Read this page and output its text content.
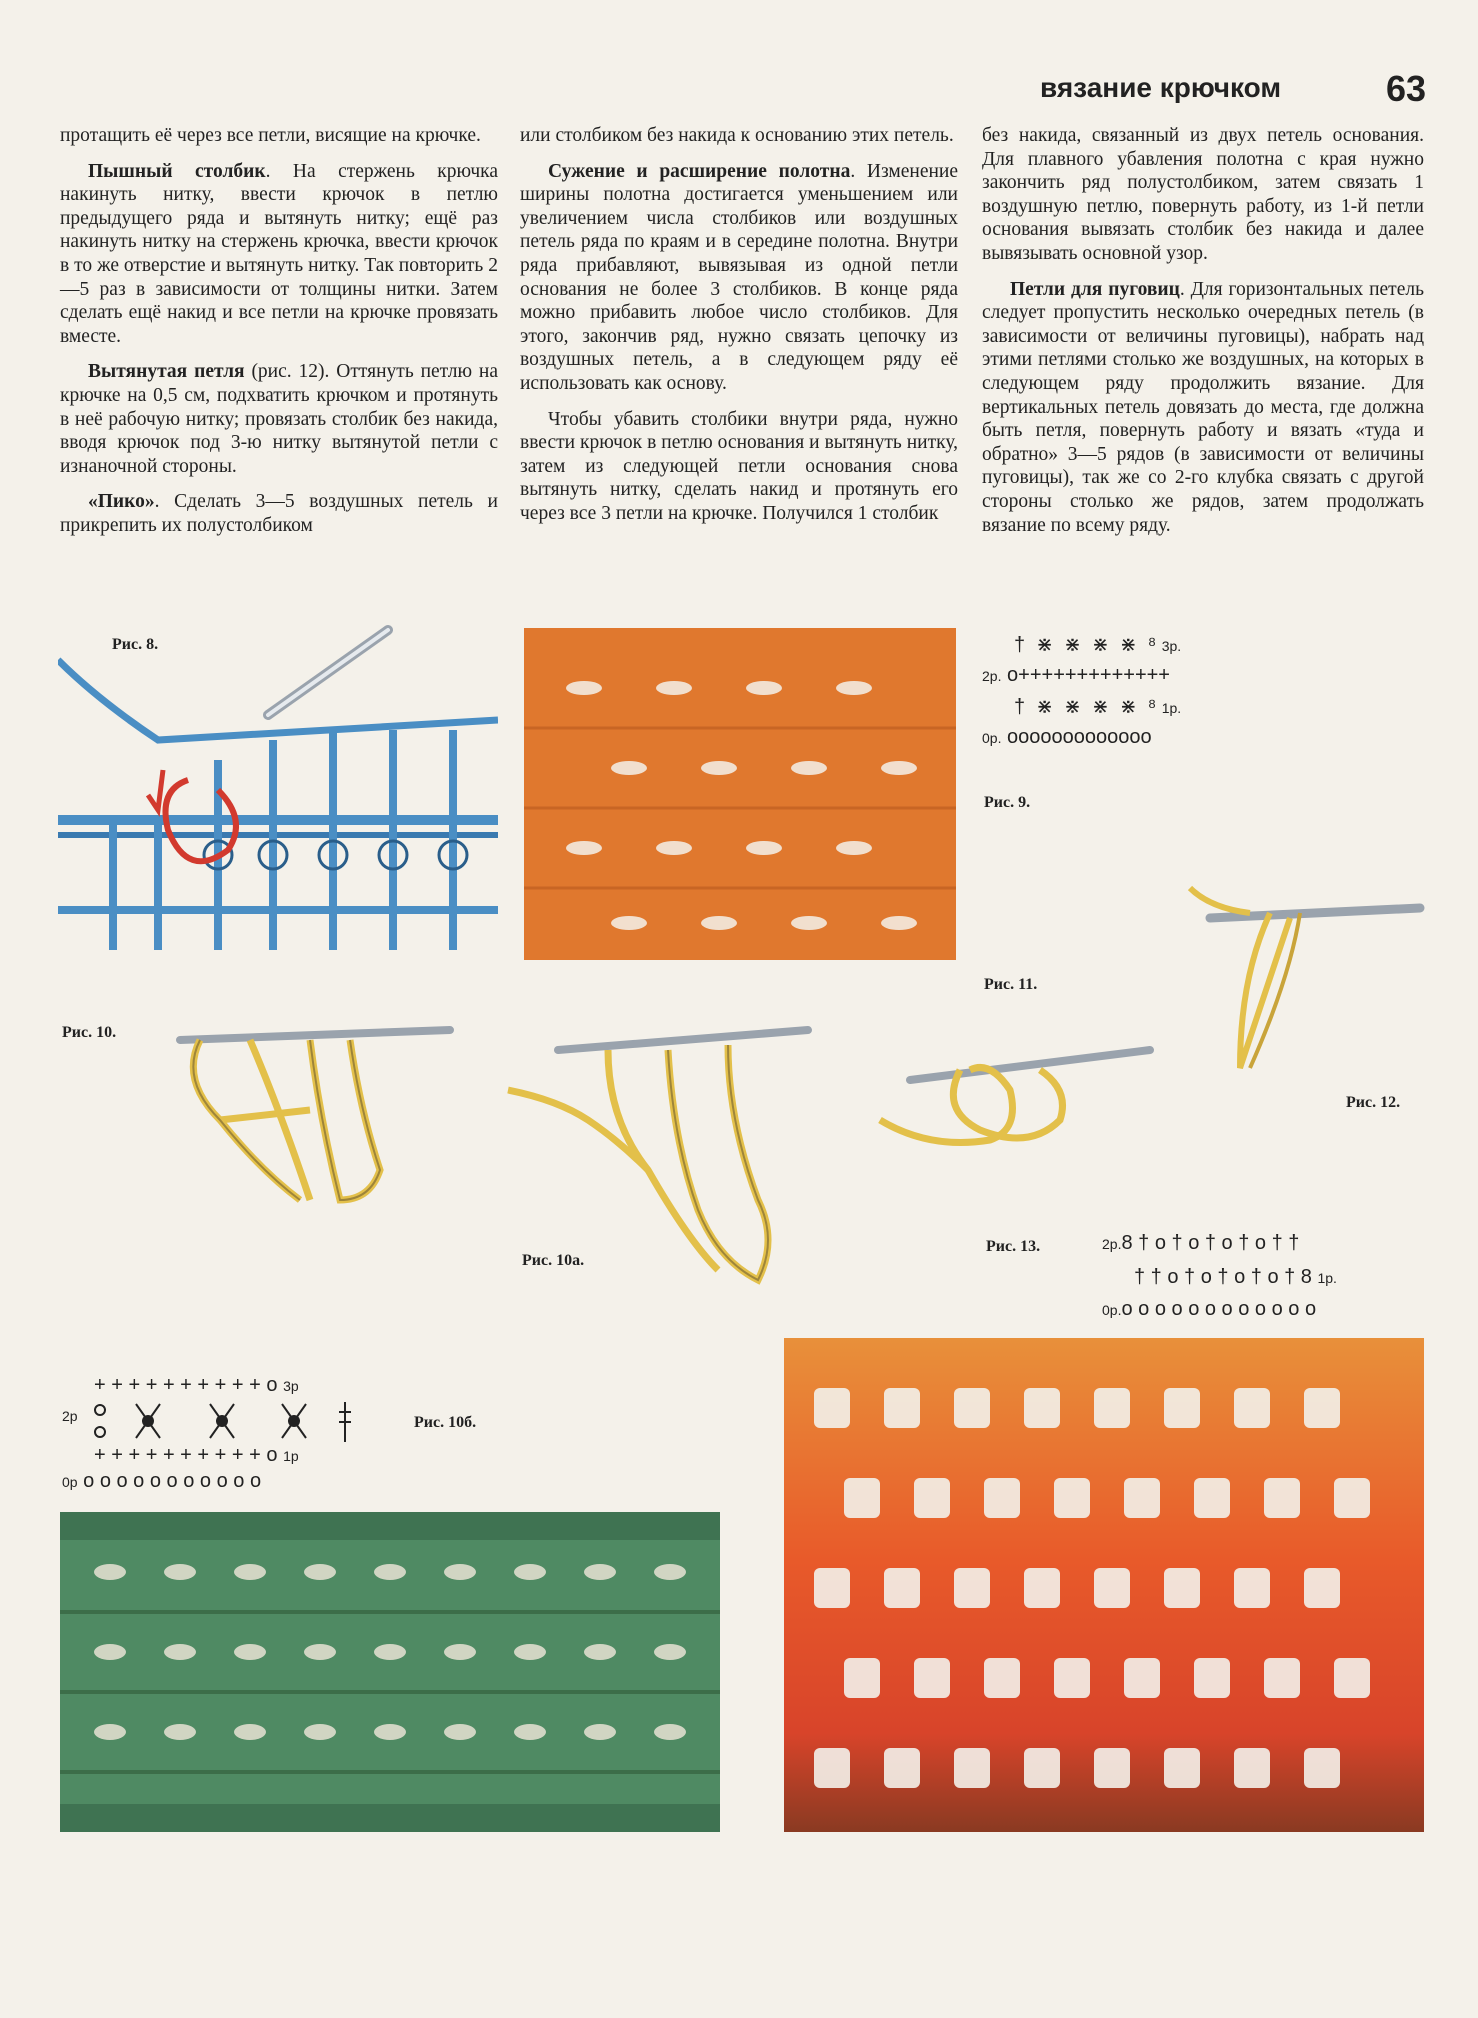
вязание крючком	63

протащить её через все петли, висящие на крючке.

Пышный столбик. На стержень крючка накинуть нитку, ввести крючок в петлю предыдущего ряда и вытянуть нитку; ещё раз накинуть нитку на стержень крючка, ввести крючок в то же отверстие и вытянуть нитку. Так повторить 2—5 раз в зависимости от толщины нитки. Затем сделать ещё накид и все петли на крючке провязать вместе.

Вытянутая петля (рис. 12). Оттянуть петлю на крючке на 0,5 см, подхватить крючком и протянуть в неё рабочую нитку; провязать столбик без накида, вводя крючок под 3-ю нитку вытянутой петли с изнаночной стороны.

«Пико». Сделать 3—5 воздушных петель и прикрепить их полустолбиком

или столбиком без накида к основанию этих петель.

Сужение и расширение полотна. Изменение ширины полотна достигается уменьшением или увеличением числа столбиков или воздушных петель ряда по краям и в середине полотна. Внутри ряда прибавляют, вывязывая из одной петли основания не более 3 столбиков. В конце ряда можно прибавить любое число столбиков. Для этого, закончив ряд, нужно связать цепочку из воздушных петель, а в следующем ряду её использовать как основу.

Чтобы убавить столбики внутри ряда, нужно ввести крючок в петлю основания и вытянуть нитку, затем из следующей петли основания снова вытянуть нитку, сделать накид и протянуть его через все 3 петли на крючке. Получился 1 столбик

без накида, связанный из двух петель основания. Для плавного убавления полотна с края нужно закончить ряд полустолбиком, затем связать 1 воздушную петлю, повернуть работу, из 1-й петли основания вывязать столбик без накида и далее вывязывать основной узор.

Петли для пуговиц. Для горизонтальных петель следует пропустить несколько очередных петель (в зависимости от величины пуговицы), набрать над этими петлями столько же воздушных, на которых в следующем ряду продолжить вязание. Для вертикальных петель довязать до места, где должна быть петля, повернуть работу и вязать «туда и обратно» 3—5 рядов (в зависимости от величины пуговицы), так же со 2-го клубка связать с другой стороны столько же рядов, затем продолжать вязание по всему ряду.

Рис. 8.	†  ⋇  ⋇  ⋇  ⋇  ⁸ 3р.
2р. o+++++++++++++
†  ⋇  ⋇  ⋇  ⋇  ⁸ 1р.
0р. ooooooooooooo
Рис. 9.
Рис. 11.
Рис. 10.
Рис. 10а.
Рис. 12.
Рис. 13.	2р.8 † o † o † o † o † †
† † o † o † o † o † 8 1р.
0р.o o o o o o o o o o o o
+ + + + + + + + + + o 3р
2р
+ + + + + + + + + + o 1р
0р o o o o o o o o o o o
Рис. 10б.
